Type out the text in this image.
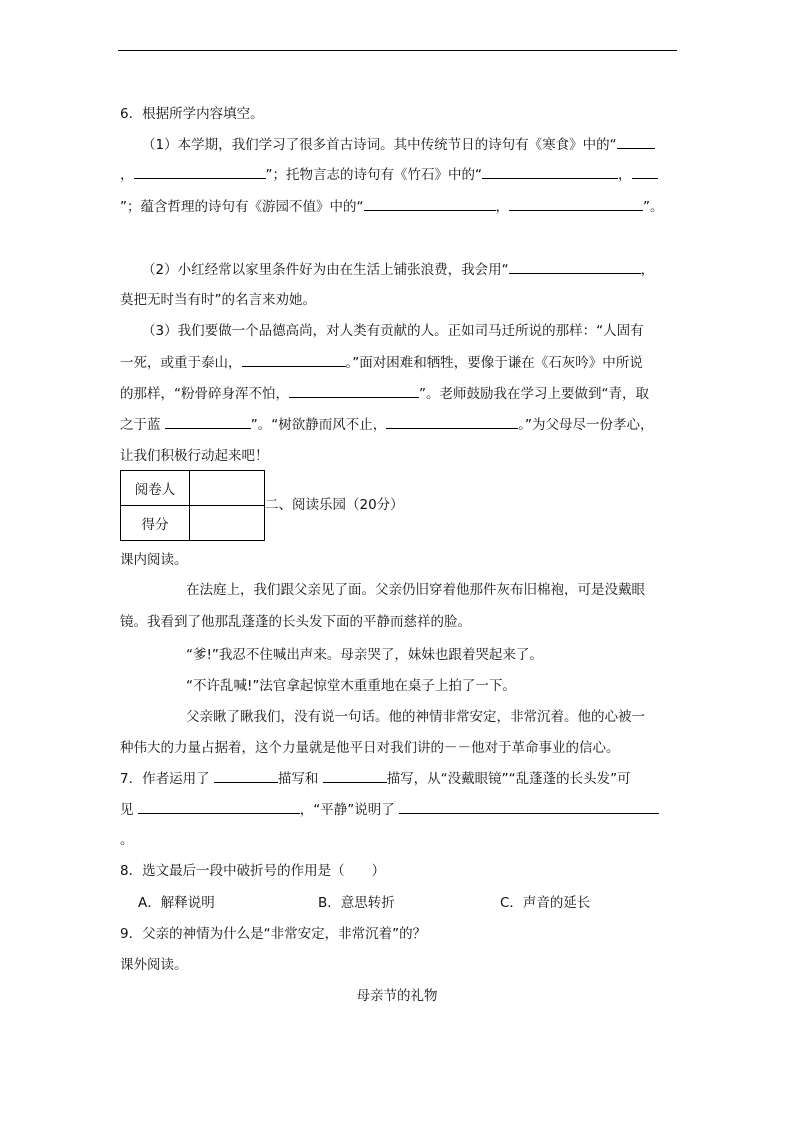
6．根据所学内容填空。
（1）本学期，我们学习了很多首古诗词。其中传统节日的诗句有《寒食》中的“
，	”；托物言志的诗句有《竹石》中的“	，
”；蕴含哲理的诗句有《游园不值》中的“	，	”。
（2）小红经常以家里条件好为由在生活上铺张浪费，我会用“	，
莫把无时当有时”的名言来劝她。
（3）我们要做一个品德高尚，对人类有贡献的人。正如司马迁所说的那样：“人固有
一死，或重于泰山，	。”面对困难和牺牲，要像于谦在《石灰吟》中所说
的那样，“粉骨碎身浑不怕，	”。老师鼓励我在学习上要做到“青，取
之于蓝	”。“树欲静而风不止，	。”为父母尽一份孝心，
让我们积极行动起来吧！
阅卷人	
得分	
二、阅读乐园（20分）
课内阅读。
在法庭上，我们跟父亲见了面。父亲仍旧穿着他那件灰布旧棉袍，可是没戴眼
镜。我看到了他那乱蓬蓬的长头发下面的平静而慈祥的脸。
“爹!”我忍不住喊出声来。母亲哭了，妹妹也跟着哭起来了。
“不许乱喊!”法官拿起惊堂木重重地在桌子上拍了一下。
父亲瞅了瞅我们，没有说一句话。他的神情非常安定，非常沉着。他的心被一
种伟大的力量占据着，这个力量就是他平日对我们讲的－－他对于革命事业的信心。
7．作者运用了	描写和	描写，从“没戴眼镜”“乱蓬蓬的长头发”可
见	，“平静”说明了
。
8．选文最后一段中破折号的作用是（　　）
A．解释说明	B．意思转折	C．声音的延长
9．父亲的神情为什么是“非常安定，非常沉着”的？
课外阅读。
母亲节的礼物
